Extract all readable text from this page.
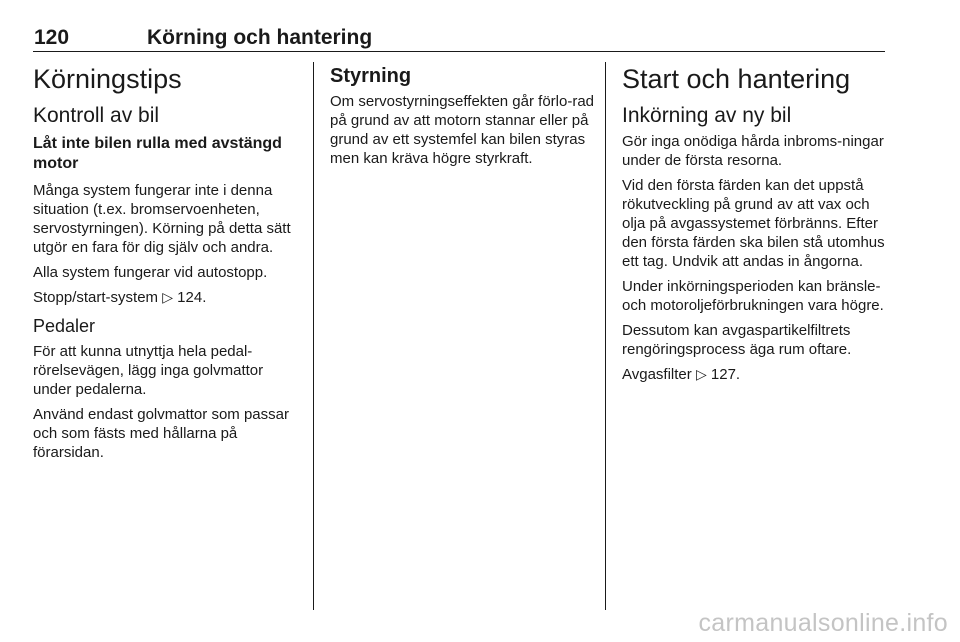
120	Körning och hantering
Körningstips
Kontroll av bil
Låt inte bilen rulla med avstängd motor

Många system fungerar inte i denna situation (t.ex. bromservoenheten, servostyrningen). Körning på detta sätt utgör en fara för dig själv och andra.

Alla system fungerar vid autostopp.

Stopp/start-system ▷ 124.

Pedaler

För att kunna utnyttja hela pedal-rörelsevägen, lägg inga golvmattor under pedalerna.

Använd endast golvmattor som passar och som fästs med hållarna på förarsidan.

Styrning

Om servostyrningseffekten går förlo-rad på grund av att motorn stannar eller på grund av ett systemfel kan bilen styras men kan kräva högre styrkraft.

Start och hantering
Inkörning av ny bil

Gör inga onödiga hårda inbroms-ningar under de första resorna.

Vid den första färden kan det uppstå rökutveckling på grund av att vax och olja på avgassystemet förbränns. Efter den första färden ska bilen stå utomhus ett tag. Undvik att andas in ångorna.

Under inkörningsperioden kan bränsle- och motoroljeförbrukningen vara högre.

Dessutom kan avgaspartikelfiltrets rengöringsprocess äga rum oftare.

Avgasfilter ▷ 127.

carmanualsonline.info
